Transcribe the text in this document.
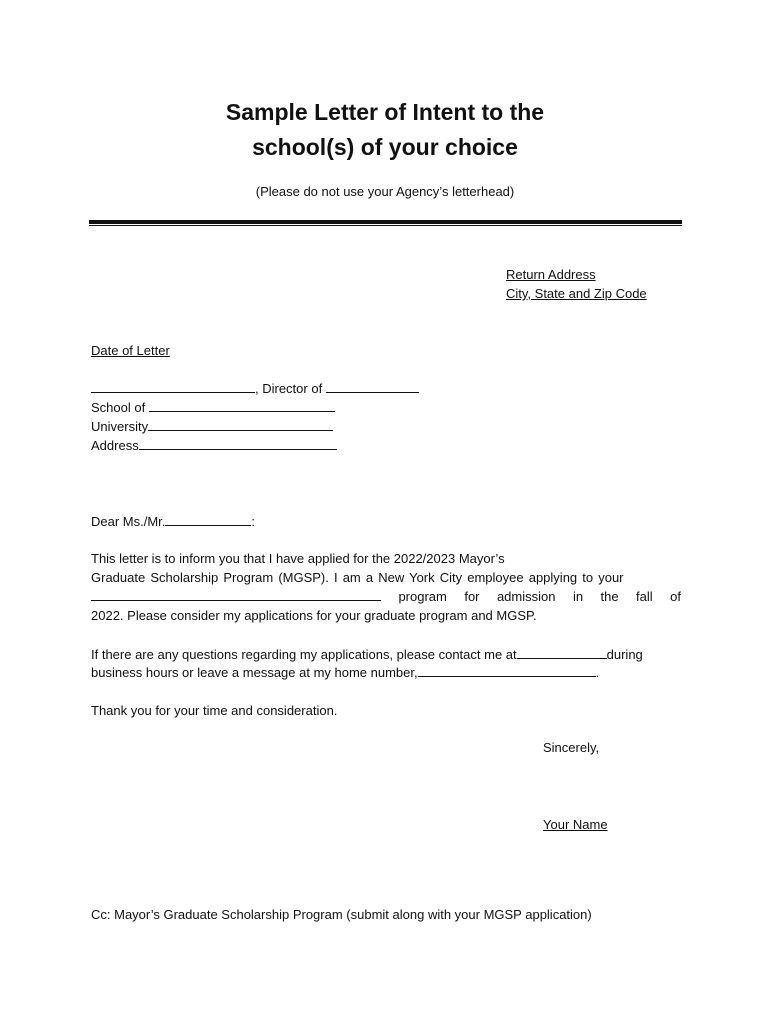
Sample Letter of Intent to the
school(s) of your choice
(Please do not use your Agency’s letterhead)
Return Address
City, State and Zip Code
Date of Letter
, Director of
School of
University
Address
Dear Ms./Mr.	:
This letter is to inform you that I have applied for the 2022/2023 Mayor’s
Graduate Scholarship Program (MGSP). I am a New York City employee applying to your
program for admission in the fall of
2022. Please consider my applications for your graduate program and MGSP.
If there are any questions regarding my applications, please contact me at	during
business hours or leave a message at my home number,	.
Thank you for your time and consideration.
Sincerely,
Your Name
Cc: Mayor’s Graduate Scholarship Program (submit along with your MGSP application)
